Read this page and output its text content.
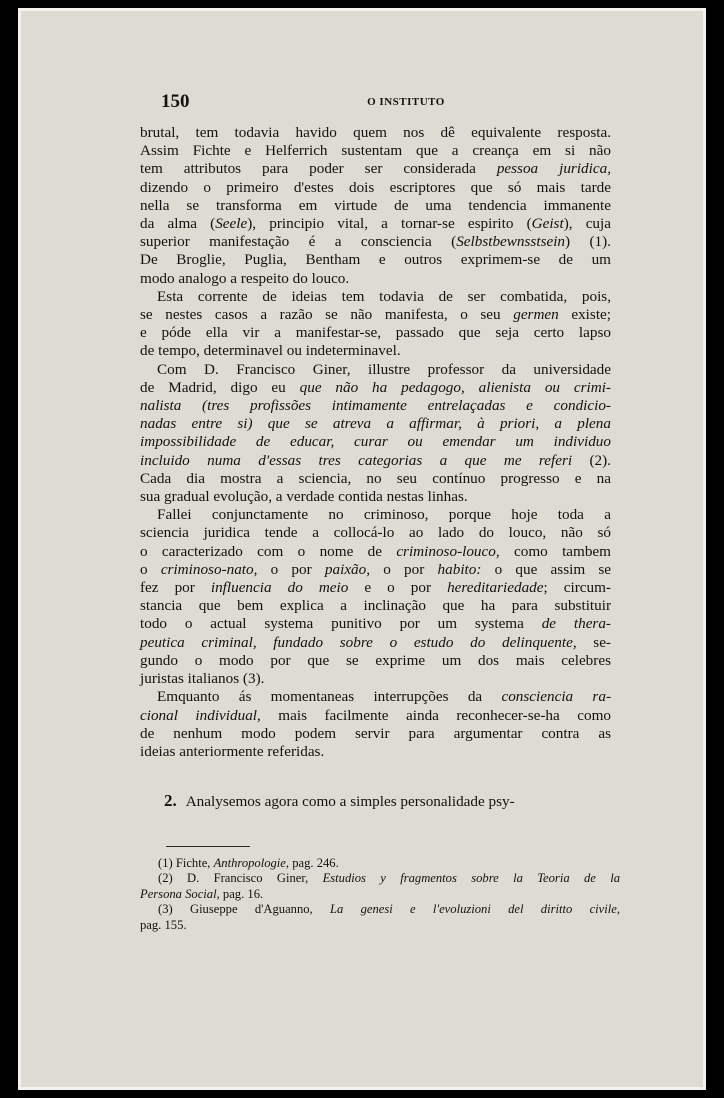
150	O INSTITUTO

brutal, tem todavia havido quem nos dê equivalente resposta.
Assim Fichte e Helferrich sustentam que a creança em si não
tem attributos para poder ser considerada pessoa juridica,
dizendo o primeiro d'estes dois escriptores que só mais tarde
nella se transforma em virtude de uma tendencia immanente
da alma (Seele), principio vital, a tornar-se espirito (Geist), cuja
superior manifestação é a consciencia (Selbstbewnsstsein) (1).
De Broglie, Puglia, Bentham e outros exprimem-se de um
modo analogo a respeito do louco.

Esta corrente de ideias tem todavia de ser combatida, pois,
se nestes casos a razão se não manifesta, o seu germen existe;
e póde ella vir a manifestar-se, passado que seja certo lapso
de tempo, determinavel ou indeterminavel.

Com D. Francisco Giner, illustre professor da universidade
de Madrid, digo eu que não ha pedagogo, alienista ou crimi-
nalista (tres profissões intimamente entrelaçadas e condicio-
nadas entre si) que se atreva a affirmar, à priori, a plena
impossibilidade de educar, curar ou emendar um individuo
incluido numa d'essas tres categorias a que me referi (2).
Cada dia mostra a sciencia, no seu contínuo progresso e na
sua gradual evolução, a verdade contida nestas linhas.

Fallei conjunctamente no criminoso, porque hoje toda a
sciencia juridica tende a collocá-lo ao lado do louco, não só
o caracterizado com o nome de criminoso-louco, como tambem
o criminoso-nato, o por paixão, o por habito: o que assim se
fez por influencia do meio e o por hereditariedade; circum-
stancia que bem explica a inclinação que ha para substituir
todo o actual systema punitivo por um systema de thera-
peutica criminal, fundado sobre o estudo do delinquente, se-
gundo o modo por que se exprime um dos mais celebres
juristas italianos (3).

Emquanto ás momentaneas interrupções da consciencia ra-
cional individual, mais facilmente ainda reconhecer-se-ha como
de nenhum modo podem servir para argumentar contra as
ideias anteriormente referidas.

2. Analysemos agora como a simples personalidade psy-

(1) Fichte, Anthropologie, pag. 246.

(2) D. Francisco Giner, Estudios y fragmentos sobre la Teoria de la
Persona Social, pag. 16.

(3) Giuseppe d'Aguanno, La genesi e l'evoluzioni del diritto civile,
pag. 155.
